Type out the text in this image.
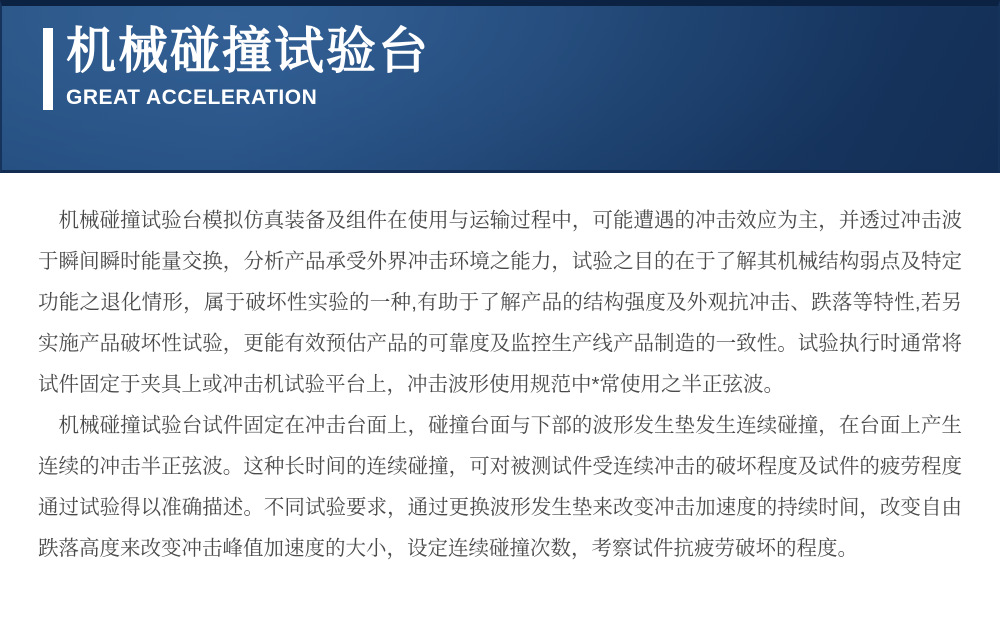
机械碰撞试验台
GREAT ACCELERATION

机械碰撞试验台模拟仿真装备及组件在使用与运输过程中，可能遭遇的冲击效应为主，并透过冲击波于瞬间瞬时能量交换，分析产品承受外界冲击环境之能力，试验之目的在于了解其机械结构弱点及特定功能之退化情形，属于破坏性实验的一种,有助于了解产品的结构强度及外观抗冲击、跌落等特性,若另实施产品破坏性试验，更能有效预估产品的可靠度及监控生产线产品制造的一致性。试验执行时通常将试件固定于夹具上或冲击机试验平台上，冲击波形使用规范中*常使用之半正弦波。

机械碰撞试验台试件固定在冲击台面上，碰撞台面与下部的波形发生垫发生连续碰撞，在台面上产生连续的冲击半正弦波。这种长时间的连续碰撞，可对被测试件受连续冲击的破坏程度及试件的疲劳程度通过试验得以准确描述。不同试验要求，通过更换波形发生垫来改变冲击加速度的持续时间，改变自由跌落高度来改变冲击峰值加速度的大小，设定连续碰撞次数，考察试件抗疲劳破坏的程度。
